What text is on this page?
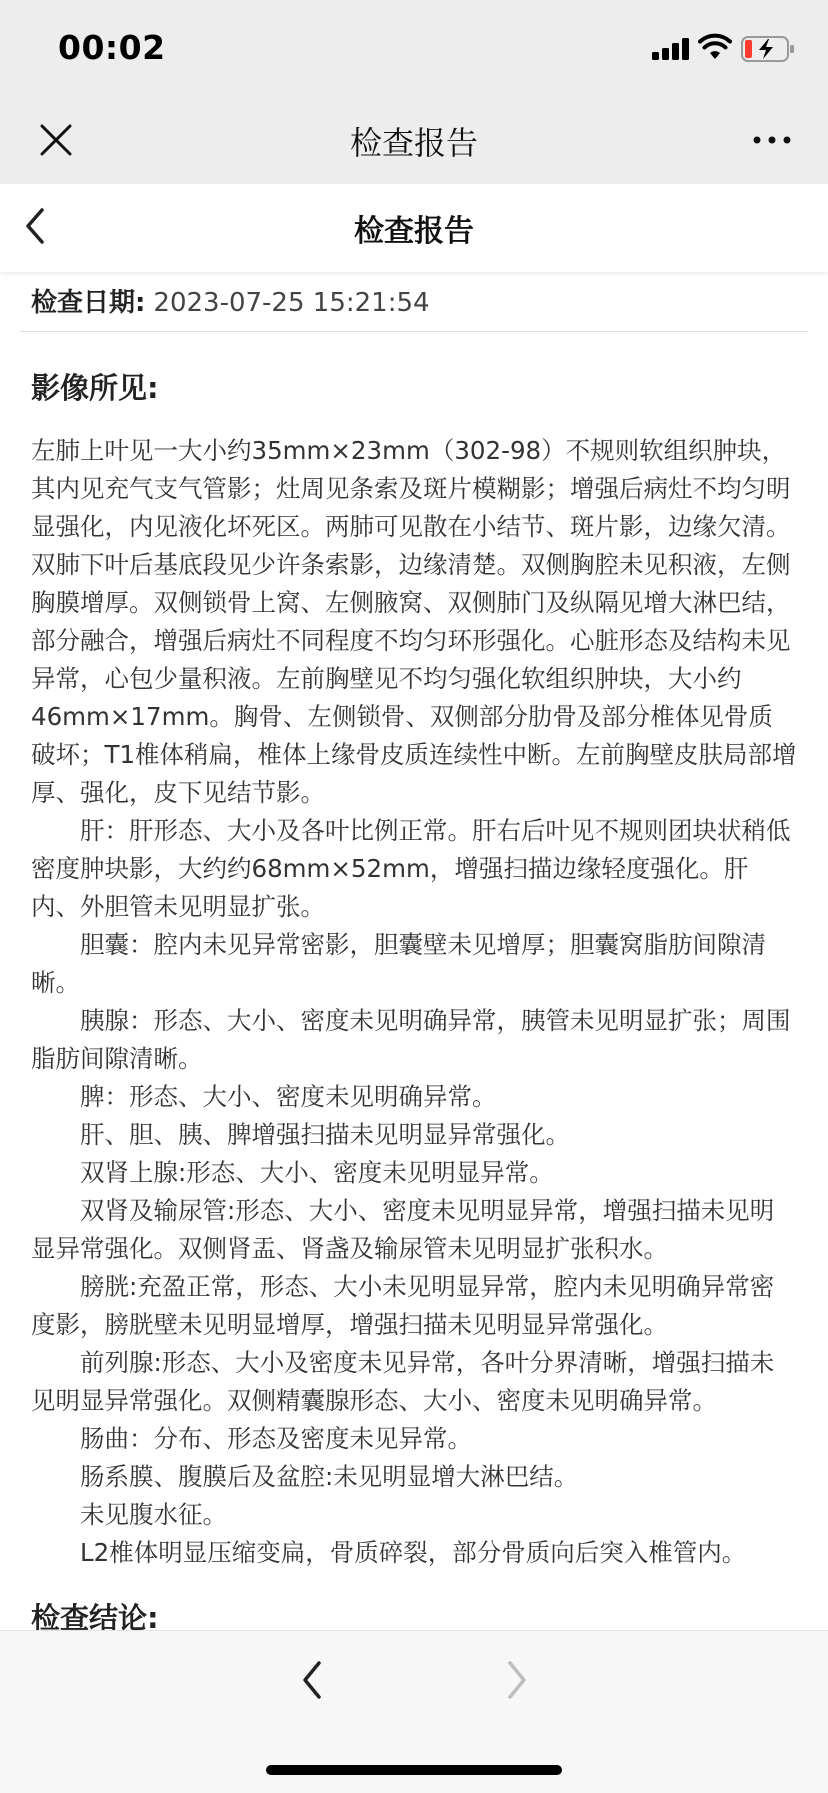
00:02
检查报告
检查报告
检查日期: 2023-07-25 15:21:54
影像所见:

左肺上叶见一大小约35mm×23mm（302-98）不规则软组织肿块，其内见充气支气管影；灶周见条索及斑片模糊影；增强后病灶不均匀明显强化，内见液化坏死区。两肺可见散在小结节、斑片影，边缘欠清。双肺下叶后基底段见少许条索影，边缘清楚。双侧胸腔未见积液，左侧胸膜增厚。双侧锁骨上窝、左侧腋窝、双侧肺门及纵隔见增大淋巴结，部分融合，增强后病灶不同程度不均匀环形强化。心脏形态及结构未见异常，心包少量积液。左前胸壁见不均匀强化软组织肿块，大小约46mm×17mm。胸骨、左侧锁骨、双侧部分肋骨及部分椎体见骨质破坏；T1椎体稍扁，椎体上缘骨皮质连续性中断。左前胸壁皮肤局部增厚、强化，皮下见结节影。

肝：肝形态、大小及各叶比例正常。肝右后叶见不规则团块状稍低密度肿块影，大约约68mm×52mm，增强扫描边缘轻度强化。肝内、外胆管未见明显扩张。

胆囊：腔内未见异常密影，胆囊壁未见增厚；胆囊窝脂肪间隙清晰。

胰腺：形态、大小、密度未见明确异常，胰管未见明显扩张；周围脂肪间隙清晰。

脾：形态、大小、密度未见明确异常。

肝、胆、胰、脾增强扫描未见明显异常强化。

双肾上腺:形态、大小、密度未见明显异常。

双肾及输尿管:形态、大小、密度未见明显异常，增强扫描未见明显异常强化。双侧肾盂、肾盏及输尿管未见明显扩张积水。

膀胱:充盈正常，形态、大小未见明显异常，腔内未见明确异常密度影，膀胱壁未见明显增厚，增强扫描未见明显异常强化。

前列腺:形态、大小及密度未见异常，各叶分界清晰，增强扫描未见明显异常强化。双侧精囊腺形态、大小、密度未见明确异常。

肠曲：分布、形态及密度未见异常。

肠系膜、腹膜后及盆腔:未见明显增大淋巴结。

未见腹水征。

L2椎体明显压缩变扁，骨质碎裂，部分骨质向后突入椎管内。

检查结论:
